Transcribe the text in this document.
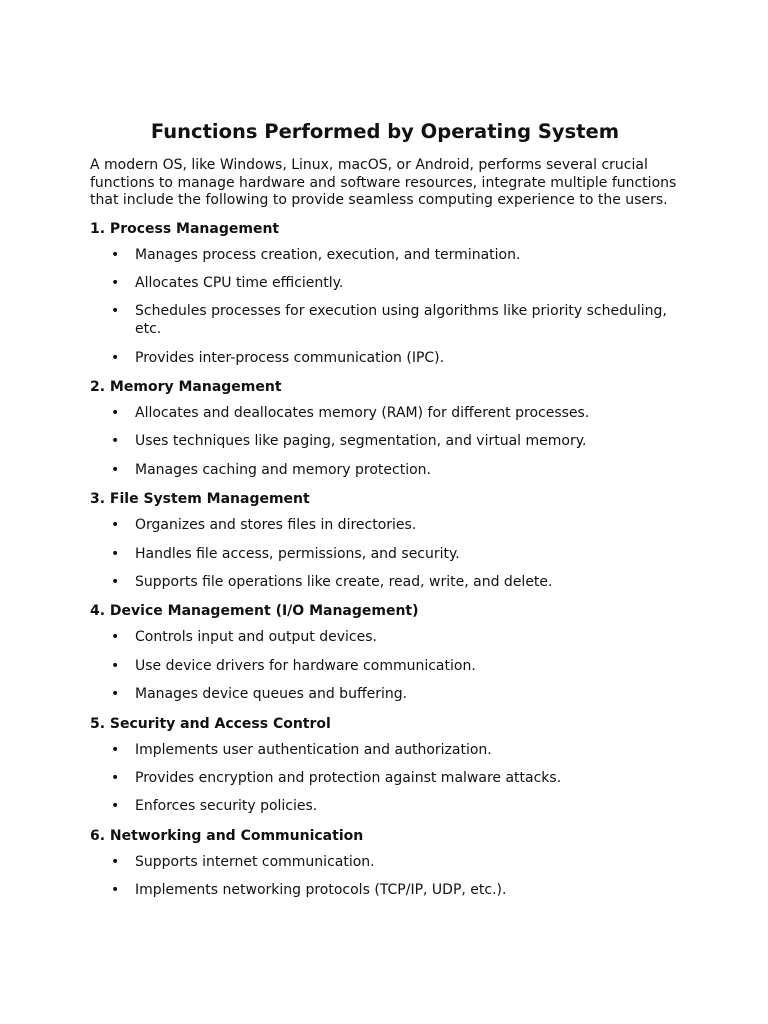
Functions Performed by Operating System

A modern OS, like Windows, Linux, macOS, or Android, performs several crucial functions to manage hardware and software resources, integrate multiple functions that include the following to provide seamless computing experience to the users.

1. Process Management
• Manages process creation, execution, and termination.
• Allocates CPU time efficiently.
• Schedules processes for execution using algorithms like priority scheduling, etc.
• Provides inter-process communication (IPC).
2. Memory Management
• Allocates and deallocates memory (RAM) for different processes.
• Uses techniques like paging, segmentation, and virtual memory.
• Manages caching and memory protection.
3. File System Management
• Organizes and stores files in directories.
• Handles file access, permissions, and security.
• Supports file operations like create, read, write, and delete.
4. Device Management (I/O Management)
• Controls input and output devices.
• Use device drivers for hardware communication.
• Manages device queues and buffering.
5. Security and Access Control
• Implements user authentication and authorization.
• Provides encryption and protection against malware attacks.
• Enforces security policies.
6. Networking and Communication
• Supports internet communication.
• Implements networking protocols (TCP/IP, UDP, etc.).
